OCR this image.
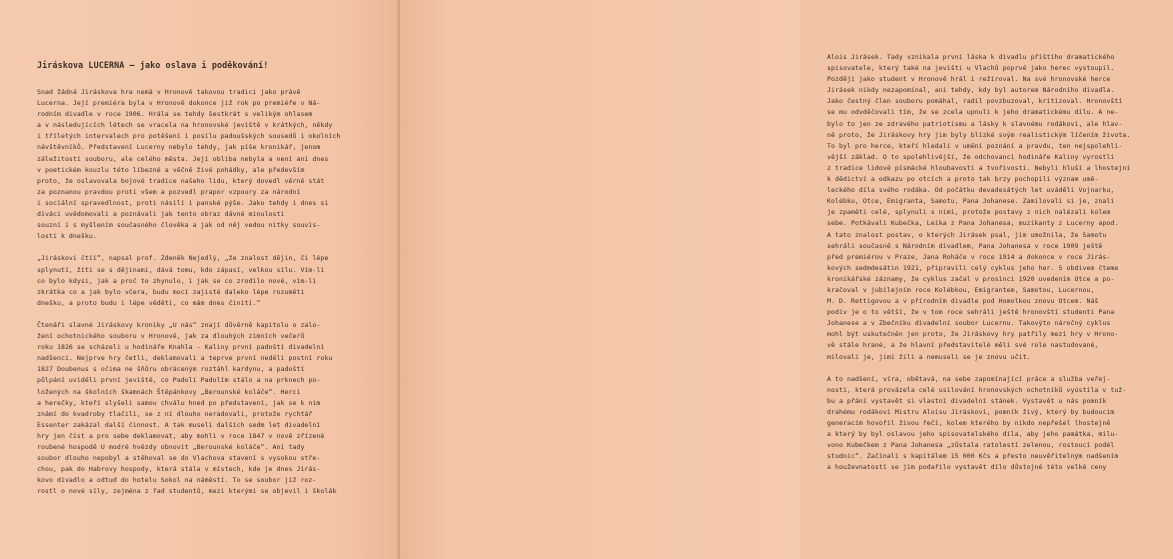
Jiráskova LUCERNA — jako oslava i poděkování!
Snad žádná Jiráskova hra nemá v Hronově takovou tradici jako právě
Lucerna. Její premiéra byla v Hronově dokonce již rok po premiéře v Ná-
rodním divadle v roce 1906. Hrála se tehdy šestkrát s velikým ohlasem
a v následujících létech se vracela na hronovské jeviště v krátkých, někdy
i tříletých intervalech pro potěšení i posilu padoušských sousedů i okolních
návštěvníků. Představení Lucerny nebylo tehdy, jak píše kronikář, jenom
záležitostí souboru, ale celého města. Její obliba nebyla a není ani dnes
v poetickém kouzlu této líbezné a věčně živé pohádky, ale především
proto, že oslavovala bojové tradice našeho lidu, který dovedl věrně stát
za poznanou pravdou proti všem a pozvedl prapor vzpoury za národní
i sociální spravedlnost, proti násilí i panské pýše. Jako tehdy i dnes si
diváci uvědomovali a poznávali jak tento obraz dávné minulosti
souzní i s myšlením současného člověka a jak od něj vedou nitky souvis-
losti k dnešku.

„Jiráskovi čtíi“, napsal prof. Zdeněk Nejedlý, „že znalost dějin, či lépe
splynutí, žíti se s dějinami, dává tomu, kdo zápasí, velkou sílu. Vím-li
co bylo kdysi, jak a proč to zhynulo, i jak se co zrodilo nové, vím-li
zkrátka co a jak bylo včera, budu mocí zajisté daleko lépe rozuměti
dnešku, a proto budu i lépe věděti, co mám dnes činiti.“

Čtenáři slavné Jiráskovy kroniky „U nás“ znají důvěrně kapitolu o zalo-
žení ochotnického souboru v Hronově, jak za dlouhých zimních večerů
roku 1826 se scházeli u hodináře Knahla - Kaliny první padoští divadelní
nadšenci. Nejprve hry četli, deklamovali a teprve první neděli postní roku
1827 Doubenus s očima ne šňůru obráceným roztáhl kardynu, a padoští
půlpání uviděli první jeviště, co Padolí Padolím stálo a na prknech po-
ložených na školních škamnách Štěpánkovy „Berounské koláče“. Herci
a herečky, kteří slyšeli samou chválu hned po představení, jak se k nim
známí do kvadroby tlačili, se z ní dlouho neradovali, protože rychtář
Essenter zakázal další činnost. A tak museli dalších sedm let divadelní
hry jen číst a pro sebe deklamovat, aby mohli v roce 1847 v nově zřízené
roubené hospodě U modré hvězdy obnovit „Berounské koláče“. Ani tady
soubor dlouho nepobyl a stěhoval se do Vlachova stavení s vysokou stře-
chou, pak do Habrovy hospody, která stála v místech, kde je dnes Jirás-
kovo divadlo a odtud do hotelu Sokol na náměstí. To se soubor již roz-
rostl o nové síly, zejména z řad studentů, mezi kterými se objevil i školák
Alois Jirásek. Tady vznikala první láska k divadlu příštího dramatického
spisovatele, který také na jevišti u Vlachů poprvé jako herec vystoupil.
Později jako student v Hronově hrál i režíroval. Na své hronovské herce
Jirásek nikdy nezapomínal, ani tehdy, kdy byl autorem Národního divadla.
Jako čestný člen souboru pomáhal, radil povzbuzoval, kritizoval. Hronovští
se mu odvděčovali tím, že se zcela upnuli k jeho dramatickému dílu. A ne-
bylo to jen ze zdravého patriotismu a lásky k slavnému rodákovi, ale hlav-
ně proto, že Jiráskovy hry jim byly blízké svým realistickým líčením života.
To byl pro herce, kteří hledali v umění poznání a pravdu, ten nejspolehli-
vější základ. O to spolehlivější, že odchovanci hodináře Kaliny vyrostli
z tradice lidové písmácké hloubavosti a tvořivosti. Nebyli hluší a lhostejní
k dědictví a odkazu po otcích a proto tak brzy pochopili význam umě-
leckého díla svého rodáka. Od počátku devadesátých let uváděli Vojnarku,
Kolébku, Otce, Emigranta, Samotu, Pana Johanese. Zamilovali si je, znali
je zpaměti celé, splynuli s nimi, protože postavy z nich nalézali kolem
sebe. Potkávali Kubečka, Leika z Pana Johanesa, muzikanty z Lucerny apod.
A tato znalost postav, o kterých Jirásek psal, jim umožnila, že Samotu
sehráli současně s Národním divadlem, Pana Johanesa v roce 1909 ještě
před premiérou v Praze, Jana Roháče v roce 1914 a dokonce v roce Jirás-
kových sedmdesátin 1921, připravili celý cyklus jeho her. S obdivem čteme
kronikářské záznamy, že cyklus začal v prosinci 1920 uvedením Otce a po-
kračoval v jubilejním roce Kolébkou, Emigrantem, Samotou, Lucernou,
M. D. Rettigovou a v přírodním divadle pod Homolkou znovu Otcem. Náš
podiv je o to větší, že v tom roce sehráli ještě hronovští studenti Pana
Johanese a v Zbečníku divadelní soubor Lucernu. Takovýto náročný cyklus
mohl být uskutečněn jen proto, že Jiráskovy hry patřily mezi hry v Hrono-
vě stále hrané, a že hlavní představitelé měli své role nastudované,
milovali je, jimi žili a nemuseli se je znovu učit.

A to nadšení, víra, obětavá, na sebe zapomínající práce a služba veřej-
nosti, která provázela celé usilování hronovských ochotníků vyústila v tuž-
bu a přání vystavět si vlastní divadelní stánek. Vystavět u nás pomník
drahému rodákovi Mistru Aloisu Jiráskovi, pomník živý, který by budoucím
generacím hovořil živou řečí, kolem kterého by nikdo nepřešel lhostejně
a který by byl oslavou jeho spisovatelského díla, aby jeho památka, milu-
vono Kubečkem z Pana Johanesa „zůstala ratolestí zelenou, rostoucí podél
studnic“. Začínali s kapitálem 15 000 Kčs a přesto neuvěřitelným nadšením
a houževnatostí se jim podařilo vystavět dílo důstojné této velké ceny
